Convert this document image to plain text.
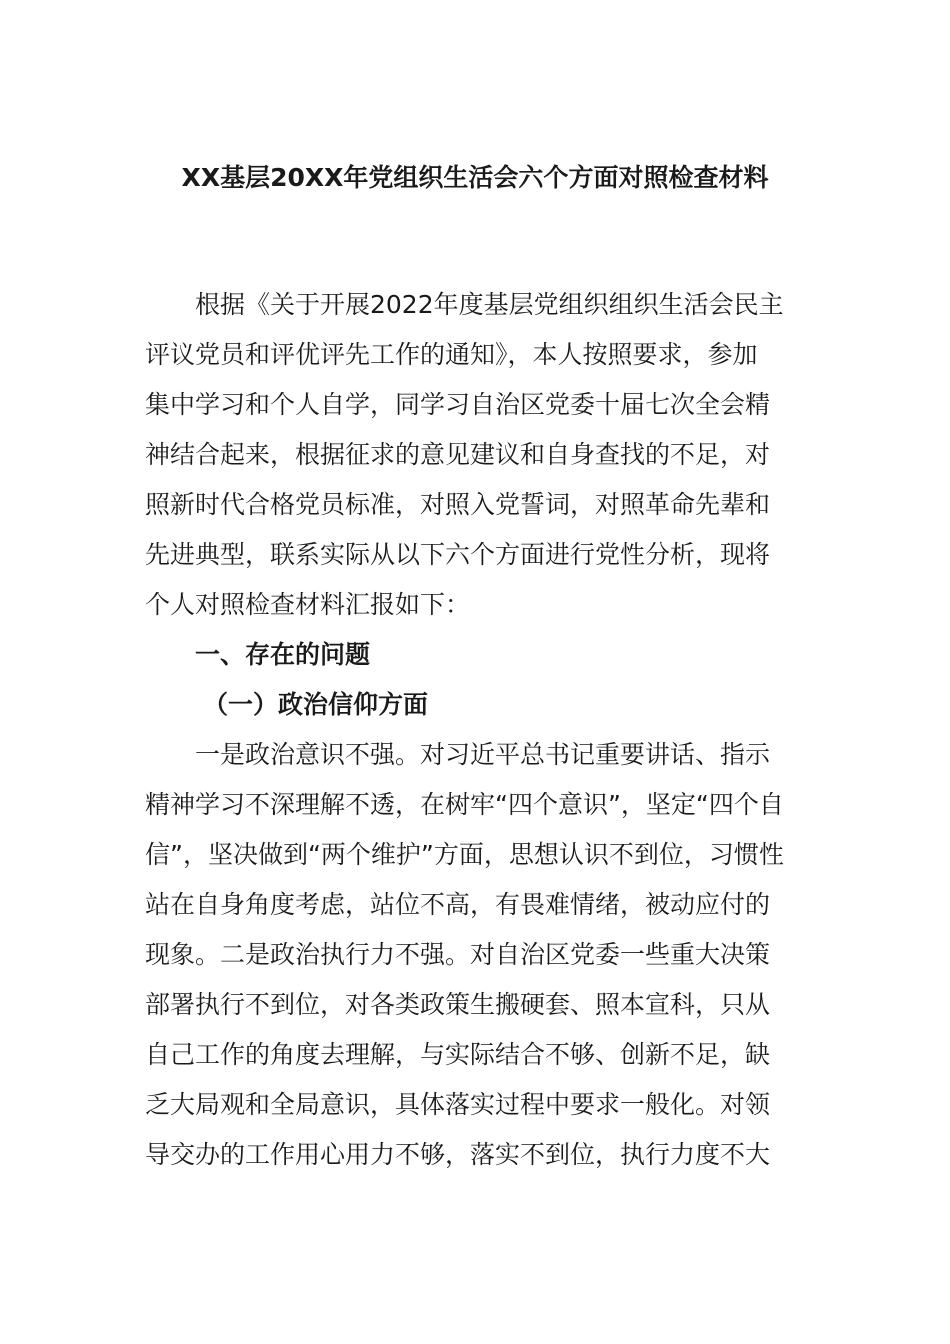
XX基层20XX年党组织生活会六个方面对照检查材料
根据《关于开展2022年度基层党组织组织生活会民主
评议党员和评优评先工作的通知》，本人按照要求，参加
集中学习和个人自学，同学习自治区党委十届七次全会精
神结合起来，根据征求的意见建议和自身查找的不足，对
照新时代合格党员标准，对照入党誓词，对照革命先辈和
先进典型，联系实际从以下六个方面进行党性分析，现将
个人对照检查材料汇报如下：
一、存在的问题
（一）政治信仰方面
一是政治意识不强。对习近平总书记重要讲话、指示
精神学习不深理解不透，在树牢“四个意识”，坚定“四个自
信”，坚决做到“两个维护”方面，思想认识不到位，习惯性
站在自身角度考虑，站位不高，有畏难情绪，被动应付的
现象。二是政治执行力不强。对自治区党委一些重大决策
部署执行不到位，对各类政策生搬硬套、照本宣科，只从
自己工作的角度去理解，与实际结合不够、创新不足，缺
乏大局观和全局意识，具体落实过程中要求一般化。对领
导交办的工作用心用力不够，落实不到位，执行力度不大
